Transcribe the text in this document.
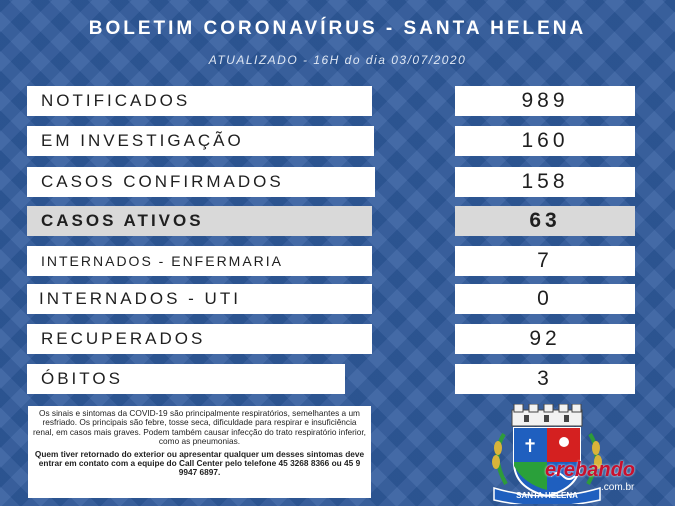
BOLETIM CORONAVÍRUS - SANTA HELENA
ATUALIZADO - 16H do dia 03/07/2020
NOTIFICADOS	989
EM INVESTIGAÇÃO	160
CASOS CONFIRMADOS	158
CASOS ATIVOS	63
INTERNADOS - ENFERMARIA	7
INTERNADOS - UTI	0
RECUPERADOS	92
ÓBITOS	3

Os sinais e sintomas da COVID-19 são principalmente respiratórios, semelhantes a um resfriado. Os principais são febre, tosse seca, dificuldade para respirar e insuficiência renal, em casos mais graves. Podem também causar infecção do trato respiratório inferior, como as pneumonias.

Quem tiver retornado do exterior ou apresentar qualquer um desses sintomas deve entrar em contato com a equipe do Call Center pelo telefone 45 3268 8366 ou 45 9 9947 6897.

✝
SANTA HELENA
erebando
.com.br
